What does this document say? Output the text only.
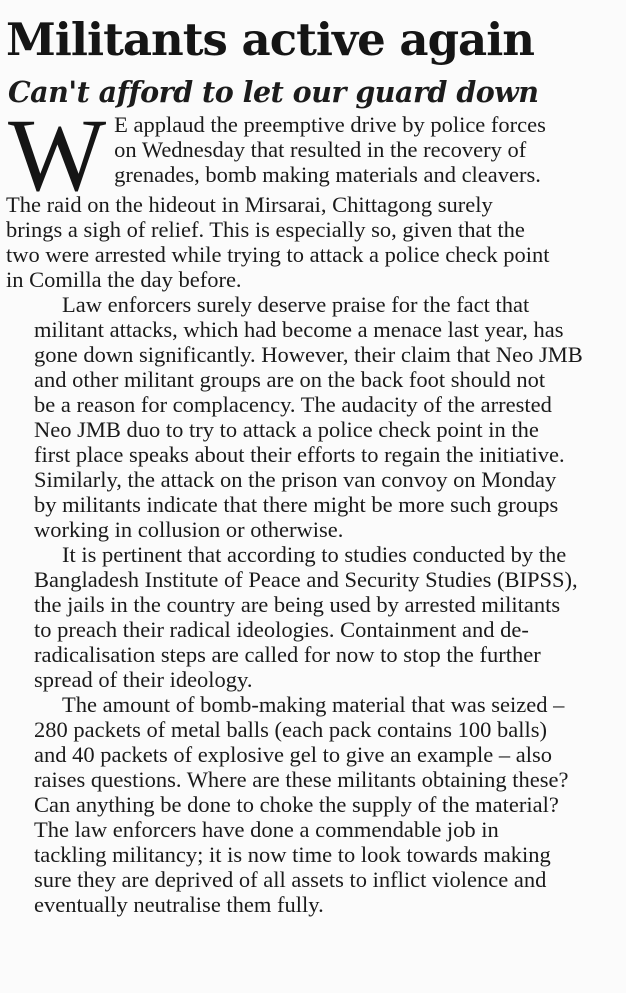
Militants active again
Can't afford to let our guard down

W E applaud the preemptive drive by police forces
on Wednesday that resulted in the recovery of
grenades, bomb making materials and cleavers.
The raid on the hideout in Mirsarai, Chittagong surely
brings a sigh of relief. This is especially so, given that the
two were arrested while trying to attack a police check point
in Comilla the day before.

Law enforcers surely deserve praise for the fact that
militant attacks, which had become a menace last year, has
gone down significantly. However, their claim that Neo JMB
and other militant groups are on the back foot should not
be a reason for complacency. The audacity of the arrested
Neo JMB duo to try to attack a police check point in the
first place speaks about their efforts to regain the initiative.
Similarly, the attack on the prison van convoy on Monday
by militants indicate that there might be more such groups
working in collusion or otherwise.

It is pertinent that according to studies conducted by the
Bangladesh Institute of Peace and Security Studies (BIPSS),
the jails in the country are being used by arrested militants
to preach their radical ideologies. Containment and de-
radicalisation steps are called for now to stop the further
spread of their ideology.

The amount of bomb-making material that was seized –
280 packets of metal balls (each pack contains 100 balls)
and 40 packets of explosive gel to give an example – also
raises questions. Where are these militants obtaining these?
Can anything be done to choke the supply of the material?
The law enforcers have done a commendable job in
tackling militancy; it is now time to look towards making
sure they are deprived of all assets to inflict violence and
eventually neutralise them fully.
